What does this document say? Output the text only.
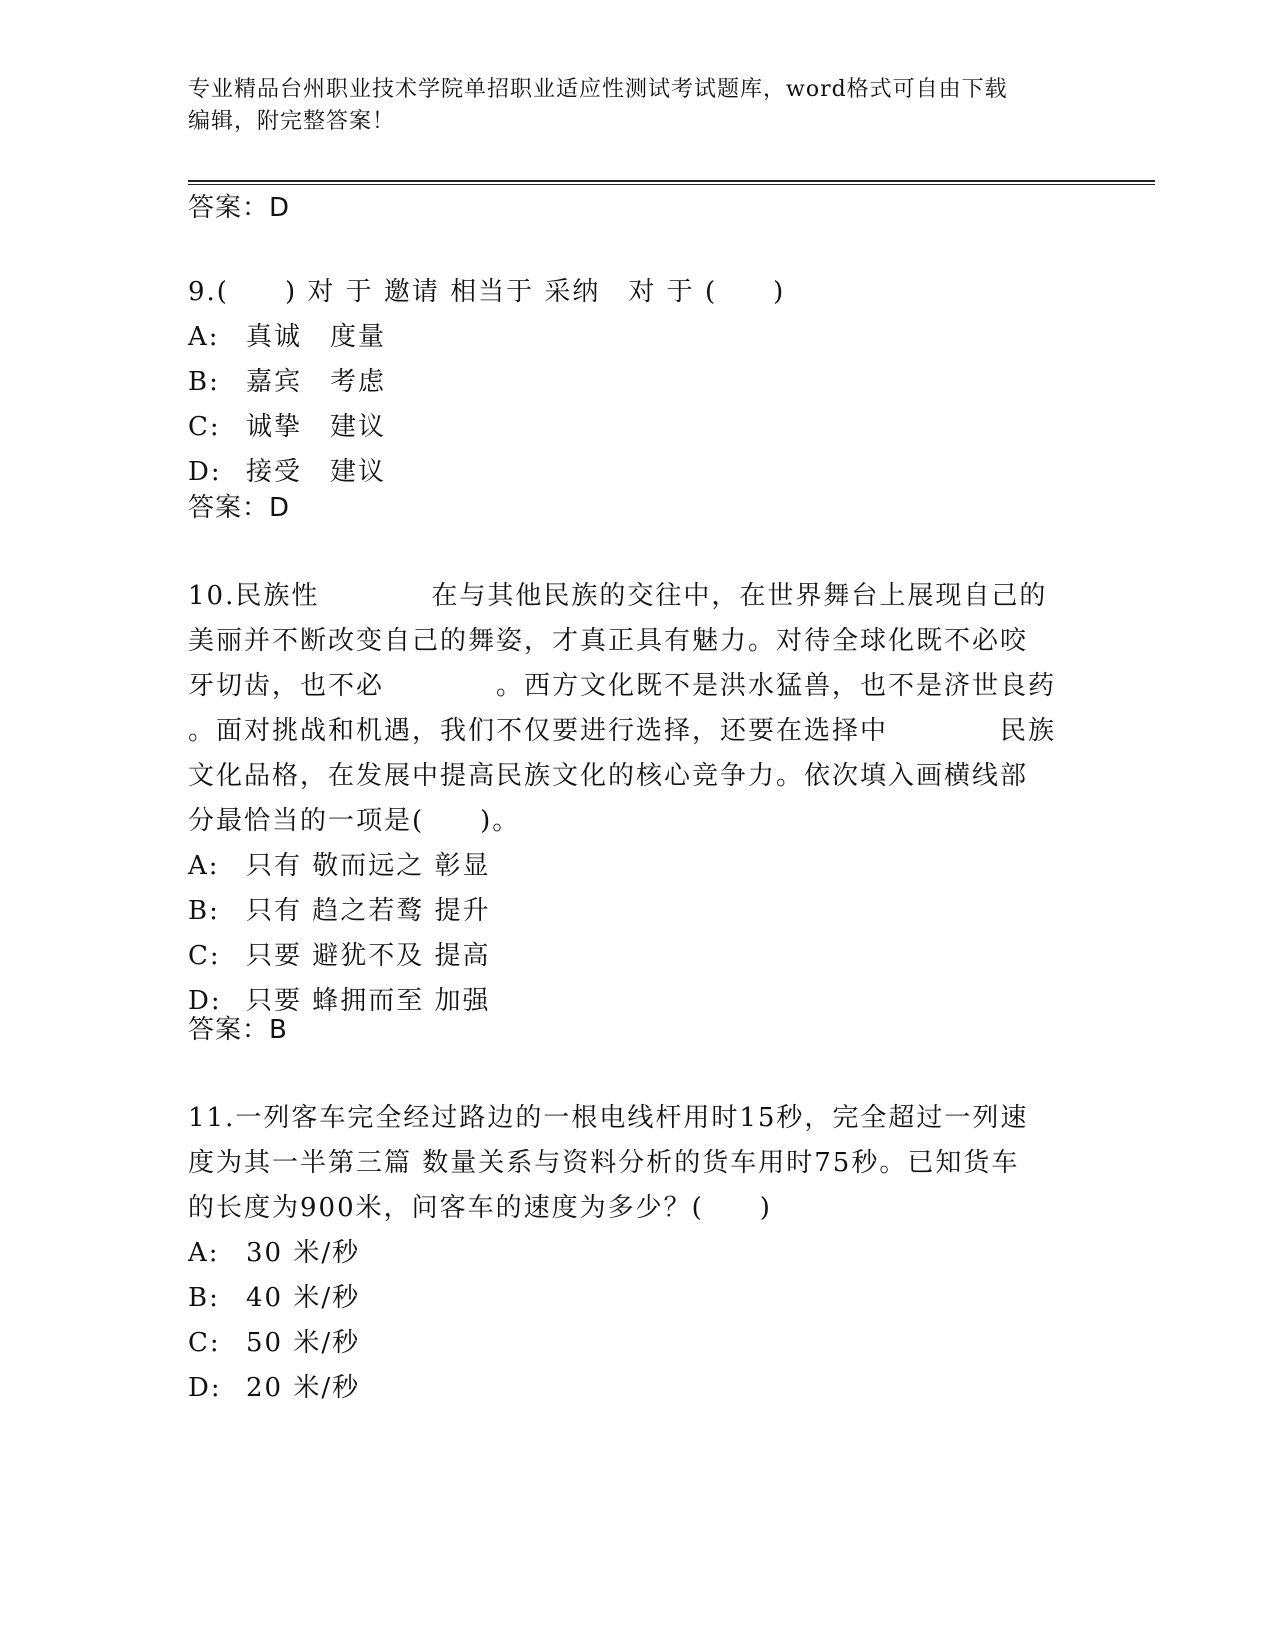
专业精品台州职业技术学院单招职业适应性测试考试题库，word格式可自由下载
编辑，附完整答案！
答案：D
9.(　　) 对 于 邀请 相当于 采纳　对 于 (　　)
A:	真诚　度量
B:	嘉宾　考虑
C: 诚挚　建议
D: 接受　建议
答案：D
10.民族性　　　　在与其他民族的交往中，在世界舞台上展现自己的
美丽并不断改变自己的舞姿，才真正具有魅力。对待全球化既不必咬
牙切齿，也不必　　　　。西方文化既不是洪水猛兽，也不是济世良药
。面对挑战和机遇，我们不仅要进行选择，还要在选择中　　　　民族
文化品格，在发展中提高民族文化的核心竞争力。依次填入画横线部
分最恰当的一项是(　　)。
A:	只有 敬而远之 彰显
B:	只有 趋之若鹜 提升
C: 只要 避犹不及 提高
D: 只要 蜂拥而至 加强
答案：B
11.一列客车完全经过路边的一根电线杆用时15秒，完全超过一列速
度为其一半第三篇 数量关系与资料分析的货车用时75秒。已知货车
的长度为900米，问客车的速度为多少？(　　)
A:	30 米/秒
B:	40 米/秒
C: 50 米/秒
D: 20 米/秒
